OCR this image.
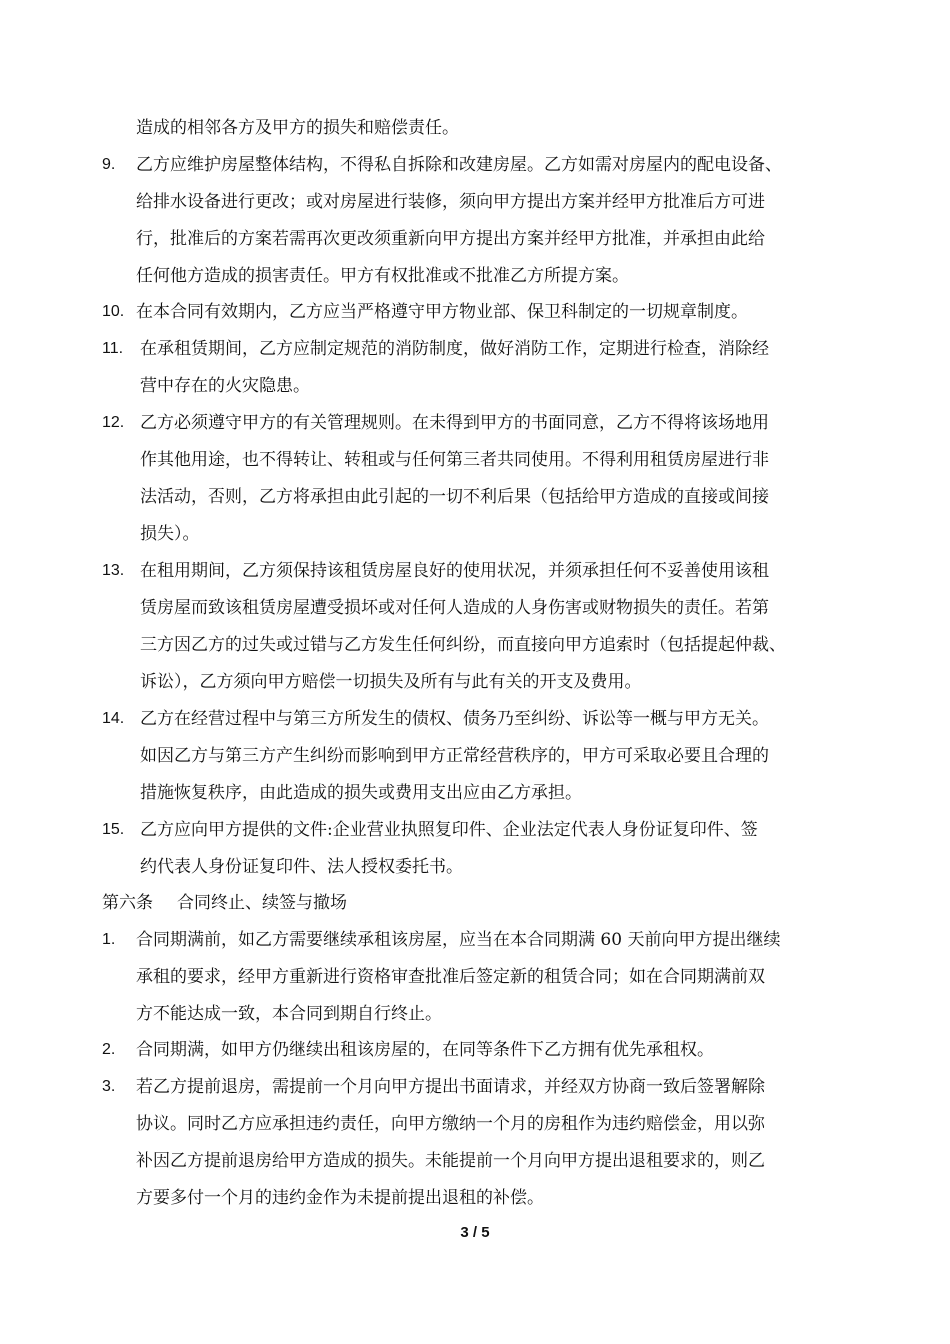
造成的相邻各方及甲方的损失和赔偿责任。
9. 乙方应维护房屋整体结构，不得私自拆除和改建房屋。乙方如需对房屋内的配电设备、
给排水设备进行更改；或对房屋进行装修，须向甲方提出方案并经甲方批准后方可进
行，批准后的方案若需再次更改须重新向甲方提出方案并经甲方批准，并承担由此给
任何他方造成的损害责任。甲方有权批准或不批准乙方所提方案。
10. 在本合同有效期内，乙方应当严格遵守甲方物业部、保卫科制定的一切规章制度。
11. 在承租赁期间，乙方应制定规范的消防制度，做好消防工作，定期进行检查，消除经
营中存在的火灾隐患。
12. 乙方必须遵守甲方的有关管理规则。在未得到甲方的书面同意，乙方不得将该场地用
作其他用途，也不得转让、转租或与任何第三者共同使用。不得利用租赁房屋进行非
法活动，否则，乙方将承担由此引起的一切不利后果（包括给甲方造成的直接或间接
损失）。
13. 在租用期间，乙方须保持该租赁房屋良好的使用状况，并须承担任何不妥善使用该租
赁房屋而致该租赁房屋遭受损坏或对任何人造成的人身伤害或财物损失的责任。若第
三方因乙方的过失或过错与乙方发生任何纠纷，而直接向甲方追索时（包括提起仲裁、
诉讼），乙方须向甲方赔偿一切损失及所有与此有关的开支及费用。
14. 乙方在经营过程中与第三方所发生的债权、债务乃至纠纷、诉讼等一概与甲方无关。
如因乙方与第三方产生纠纷而影响到甲方正常经营秩序的，甲方可采取必要且合理的
措施恢复秩序，由此造成的损失或费用支出应由乙方承担。
15. 乙方应向甲方提供的文件:企业营业执照复印件、企业法定代表人身份证复印件、签
约代表人身份证复印件、法人授权委托书。
第六条 合同终止、续签与撤场
1. 合同期满前，如乙方需要继续承租该房屋，应当在本合同期满 60 天前向甲方提出继续
承租的要求，经甲方重新进行资格审查批准后签定新的租赁合同；如在合同期满前双
方不能达成一致，本合同到期自行终止。
2. 合同期满，如甲方仍继续出租该房屋的，在同等条件下乙方拥有优先承租权。
3. 若乙方提前退房，需提前一个月向甲方提出书面请求，并经双方协商一致后签署解除
协议。同时乙方应承担违约责任，向甲方缴纳一个月的房租作为违约赔偿金，用以弥
补因乙方提前退房给甲方造成的损失。未能提前一个月向甲方提出退租要求的，则乙
方要多付一个月的违约金作为未提前提出退租的补偿。
3 / 5
